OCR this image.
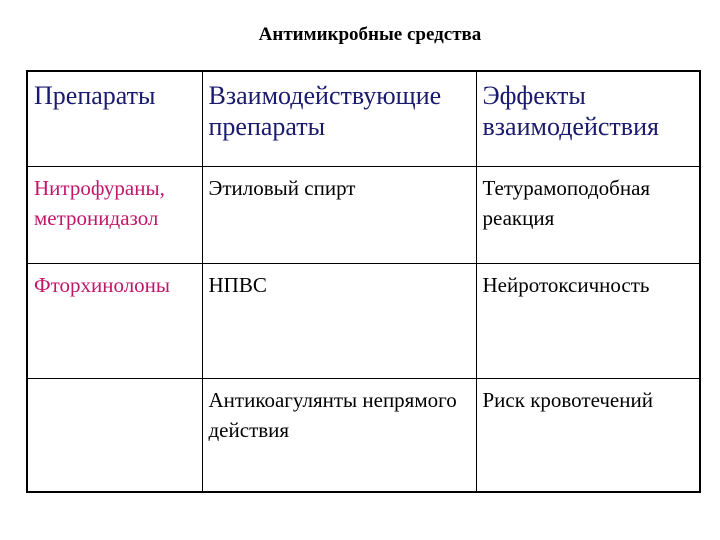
Антимикробные средства
Препараты	Взаимодействующие препараты	Эффекты взаимодействия
Нитрофураны, метронидазол	Этиловый спирт	Тетурамоподобная реакция
Фторхинолоны	НПВС	Нейротоксичность
	Антикоагулянты непрямого действия	Риск кровотечений
